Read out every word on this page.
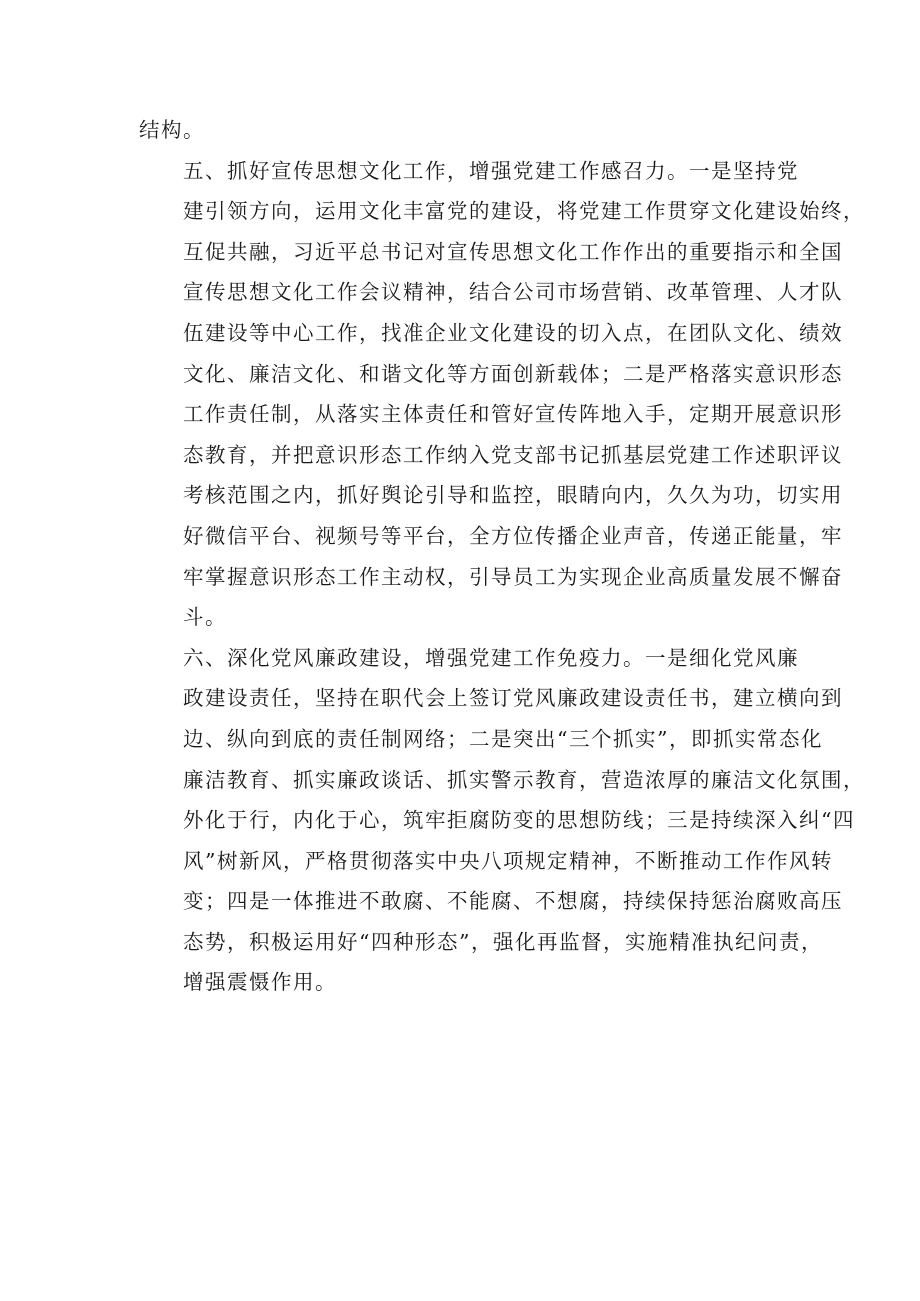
结构。

五、抓好宣传思想文化工作，增强党建工作感召力。一是坚持党
建引领方向，运用文化丰富党的建设，将党建工作贯穿文化建设始终，
互促共融，习近平总书记对宣传思想文化工作作出的重要指示和全国
宣传思想文化工作会议精神，结合公司市场营销、改革管理、人才队
伍建设等中心工作，找准企业文化建设的切入点，在团队文化、绩效
文化、廉洁文化、和谐文化等方面创新载体；二是严格落实意识形态
工作责任制，从落实主体责任和管好宣传阵地入手，定期开展意识形
态教育，并把意识形态工作纳入党支部书记抓基层党建工作述职评议
考核范围之内，抓好舆论引导和监控，眼睛向内，久久为功，切实用
好微信平台、视频号等平台，全方位传播企业声音，传递正能量，牢
牢掌握意识形态工作主动权，引导员工为实现企业高质量发展不懈奋
斗。

六、深化党风廉政建设，增强党建工作免疫力。一是细化党风廉
政建设责任，坚持在职代会上签订党风廉政建设责任书，建立横向到
边、纵向到底的责任制网络；二是突出“三个抓实”，即抓实常态化
廉洁教育、抓实廉政谈话、抓实警示教育，营造浓厚的廉洁文化氛围，
外化于行，内化于心，筑牢拒腐防变的思想防线；三是持续深入纠“四
风”树新风，严格贯彻落实中央八项规定精神，不断推动工作作风转
变；四是一体推进不敢腐、不能腐、不想腐，持续保持惩治腐败高压
态势，积极运用好“四种形态”，强化再监督，实施精准执纪问责，
增强震慑作用。
